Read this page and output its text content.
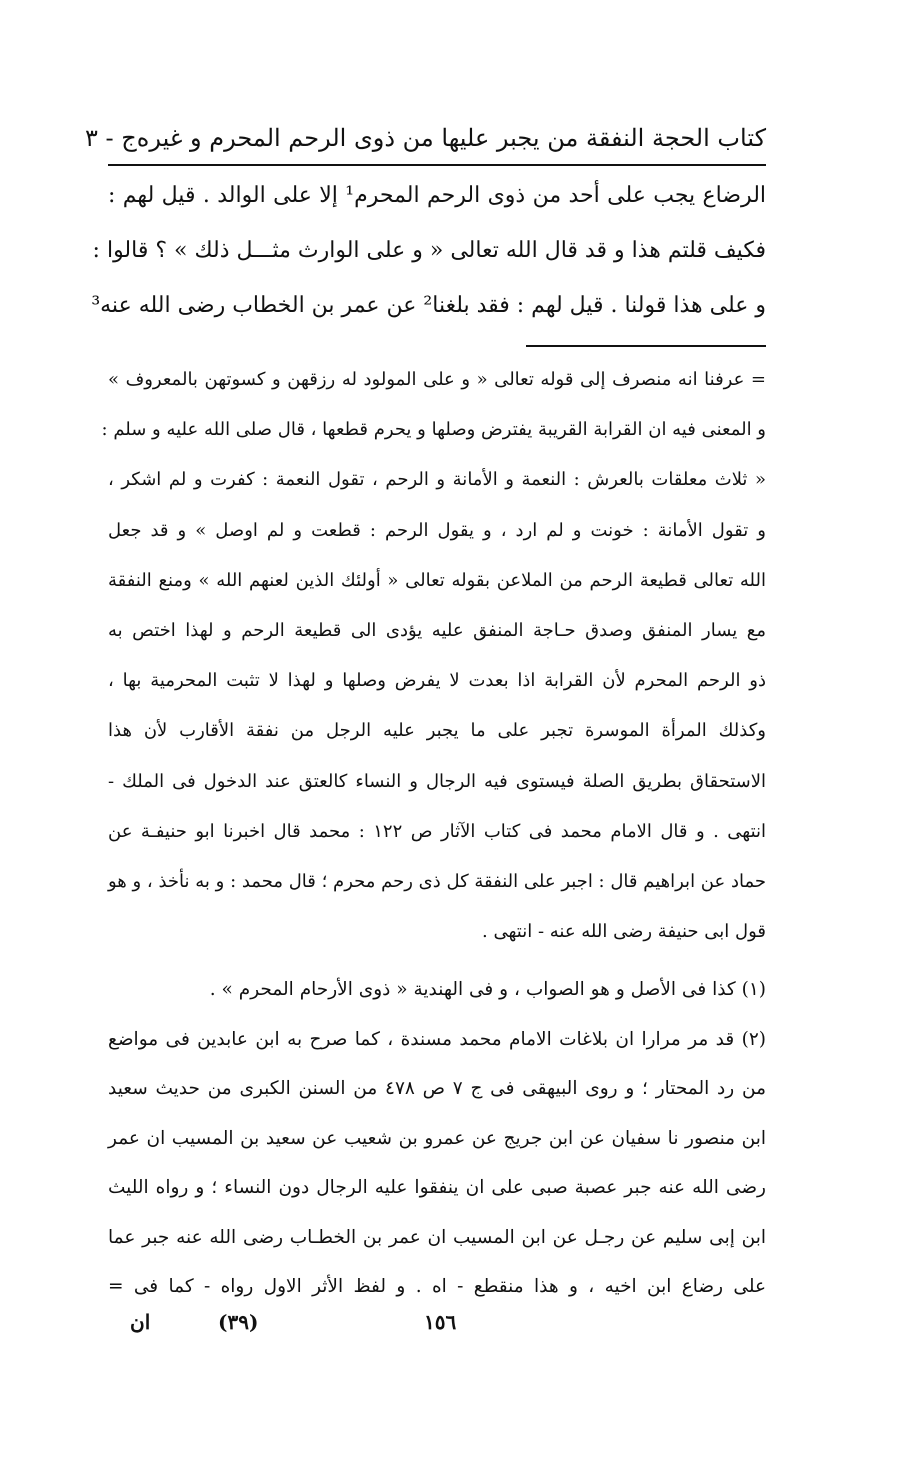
كتاب الحجة النفقة من يجبر عليها من ذوى الرحم المحرم و غيره
ج - ٣
الرضاع يجب على أحد من ذوى الرحم المحرم¹ إلا على الوالد . قيل لهم :
فكيف قلتم هذا و قد قال الله تعالى « و على الوارث مثـــل ذلك » ؟ قالوا :
و على هذا قولنا . قيل لهم : فقد بلغنا² عن عمر بن الخطاب رضى الله عنه³
= عرفنا انه منصرف إلى قوله تعالى « و على المولود له رزقهن و كسوتهن بالمعروف »
و المعنى فيه ان القرابة القريبة يفترض وصلها و يحرم قطعها ، قال صلى الله عليه و سلم :
« ثلاث معلقات بالعرش : النعمة و الأمانة و الرحم ، تقول النعمة : كفرت و لم اشكر ،
و تقول الأمانة : خونت و لم ارد ، و يقول الرحم : قطعت و لم اوصل » و قد جعل
الله تعالى قطيعة الرحم من الملاعن بقوله تعالى « أولئك الذين لعنهم الله » ومنع النفقة
مع يسار المنفق وصدق حـاجة المنفق عليه يؤدى الى قطيعة الرحم و لهذا اختص به
ذو الرحم المحرم لأن القرابة اذا بعدت لا يفرض وصلها و لهذا لا تثبت المحرمية بها ،
وكذلك المرأة الموسرة تجبر على ما يجبر عليه الرجل من نفقة الأقارب لأن هذا
الاستحقاق بطريق الصلة فيستوى فيه الرجال و النساء كالعتق عند الدخول فى الملك -
انتهى . و قال الامام محمد فى كتاب الآثار ص ١٢٢ : محمد قال اخبرنا ابو حنيفـة عن
حماد عن ابراهيم قال : اجبر على النفقة كل ذى رحم محرم ؛ قال محمد : و به نأخذ ، و هو
قول ابى حنيفة رضى الله عنه - انتهى .
(١) كذا فى الأصل و هو الصواب ، و فى الهندية « ذوى الأرحام المحرم » .
(٢) قد مر مرارا ان بلاغات الامام محمد مسندة ، كما صرح به ابن عابدين فى مواضع
من رد المحتار ؛ و روى البيهقى فى ج ٧ ص ٤٧٨ من السنن الكبرى من حديث سعيد
ابن منصور نا سفيان عن ابن جريج عن عمرو بن شعيب عن سعيد بن المسيب ان عمر
رضى الله عنه جبر عصبة صبى على ان ينفقوا عليه الرجال دون النساء ؛ و رواه الليث
ابن إبى سليم عن رجـل عن ابن المسيب ان عمر بن الخطـاب رضى الله عنه جبر عما
على رضاع ابن اخيه ، و هذا منقطع - اه . و لفظ الأثر الاول رواه - كما فى =
ان	(٣٩)	١٥٦
